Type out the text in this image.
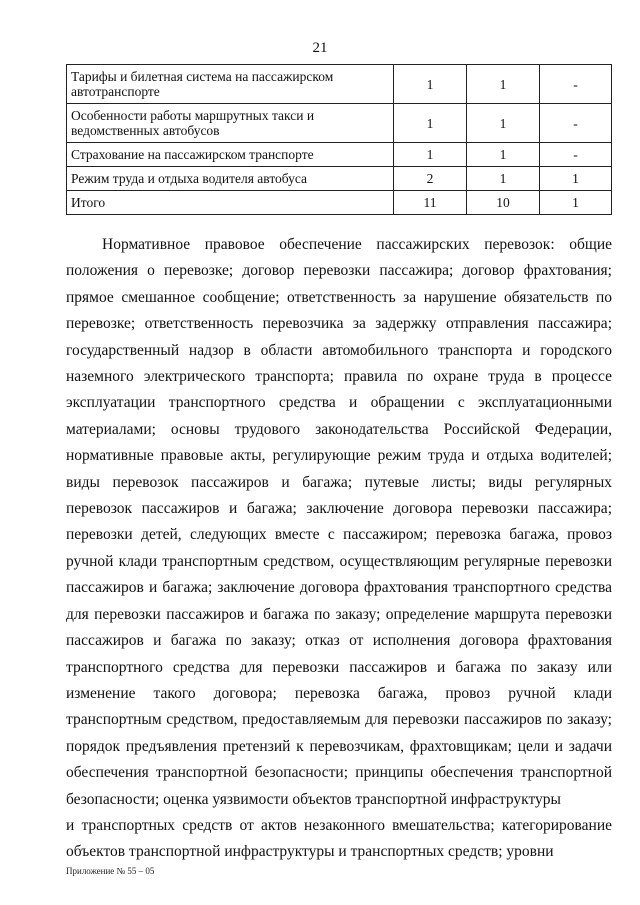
21
Тарифы и билетная система на пассажирском автотранспорте	1	1	-
Особенности работы маршрутных такси и ведомственных автобусов	1	1	-
Страхование на пассажирском транспорте	1	1	-
Режим труда и отдыха водителя автобуса	2	1	1
Итого	11	10	1

Нормативное правовое обеспечение пассажирских перевозок: общие положения о перевозке; договор перевозки пассажира; договор фрахтования; прямое смешанное сообщение; ответственность за нарушение обязательств по перевозке; ответственность перевозчика за задержку отправления пассажира; государственный надзор в области автомобильного транспорта и городского наземного электрического транспорта; правила по охране труда в процессе эксплуатации транспортного средства и обращении с эксплуатационными материалами; основы трудового законодательства Российской Федерации, нормативные правовые акты, регулирующие режим труда и отдыха водителей; виды перевозок пассажиров и багажа; путевые листы; виды регулярных перевозок пассажиров и багажа; заключение договора перевозки пассажира; перевозки детей, следующих вместе с пассажиром; перевозка багажа, провоз ручной клади транспортным средством, осуществляющим регулярные перевозки пассажиров и багажа; заключение договора фрахтования транспортного средства для перевозки пассажиров и багажа по заказу; определение маршрута перевозки пассажиров и багажа по заказу; отказ от исполнения договора фрахтования транспортного средства для перевозки пассажиров и багажа по заказу или изменение такого договора; перевозка багажа, провоз ручной клади транспортным средством, предоставляемым для перевозки пассажиров по заказу; порядок предъявления претензий к перевозчикам, фрахтовщикам; цели и задачи обеспечения транспортной безопасности; принципы обеспечения транспортной безопасности; оценка уязвимости объектов транспортной инфраструктуры

и транспортных средств от актов незаконного вмешательства; категорирование объектов транспортной инфраструктуры и транспортных средств; уровни

Приложение № 55 – 05
